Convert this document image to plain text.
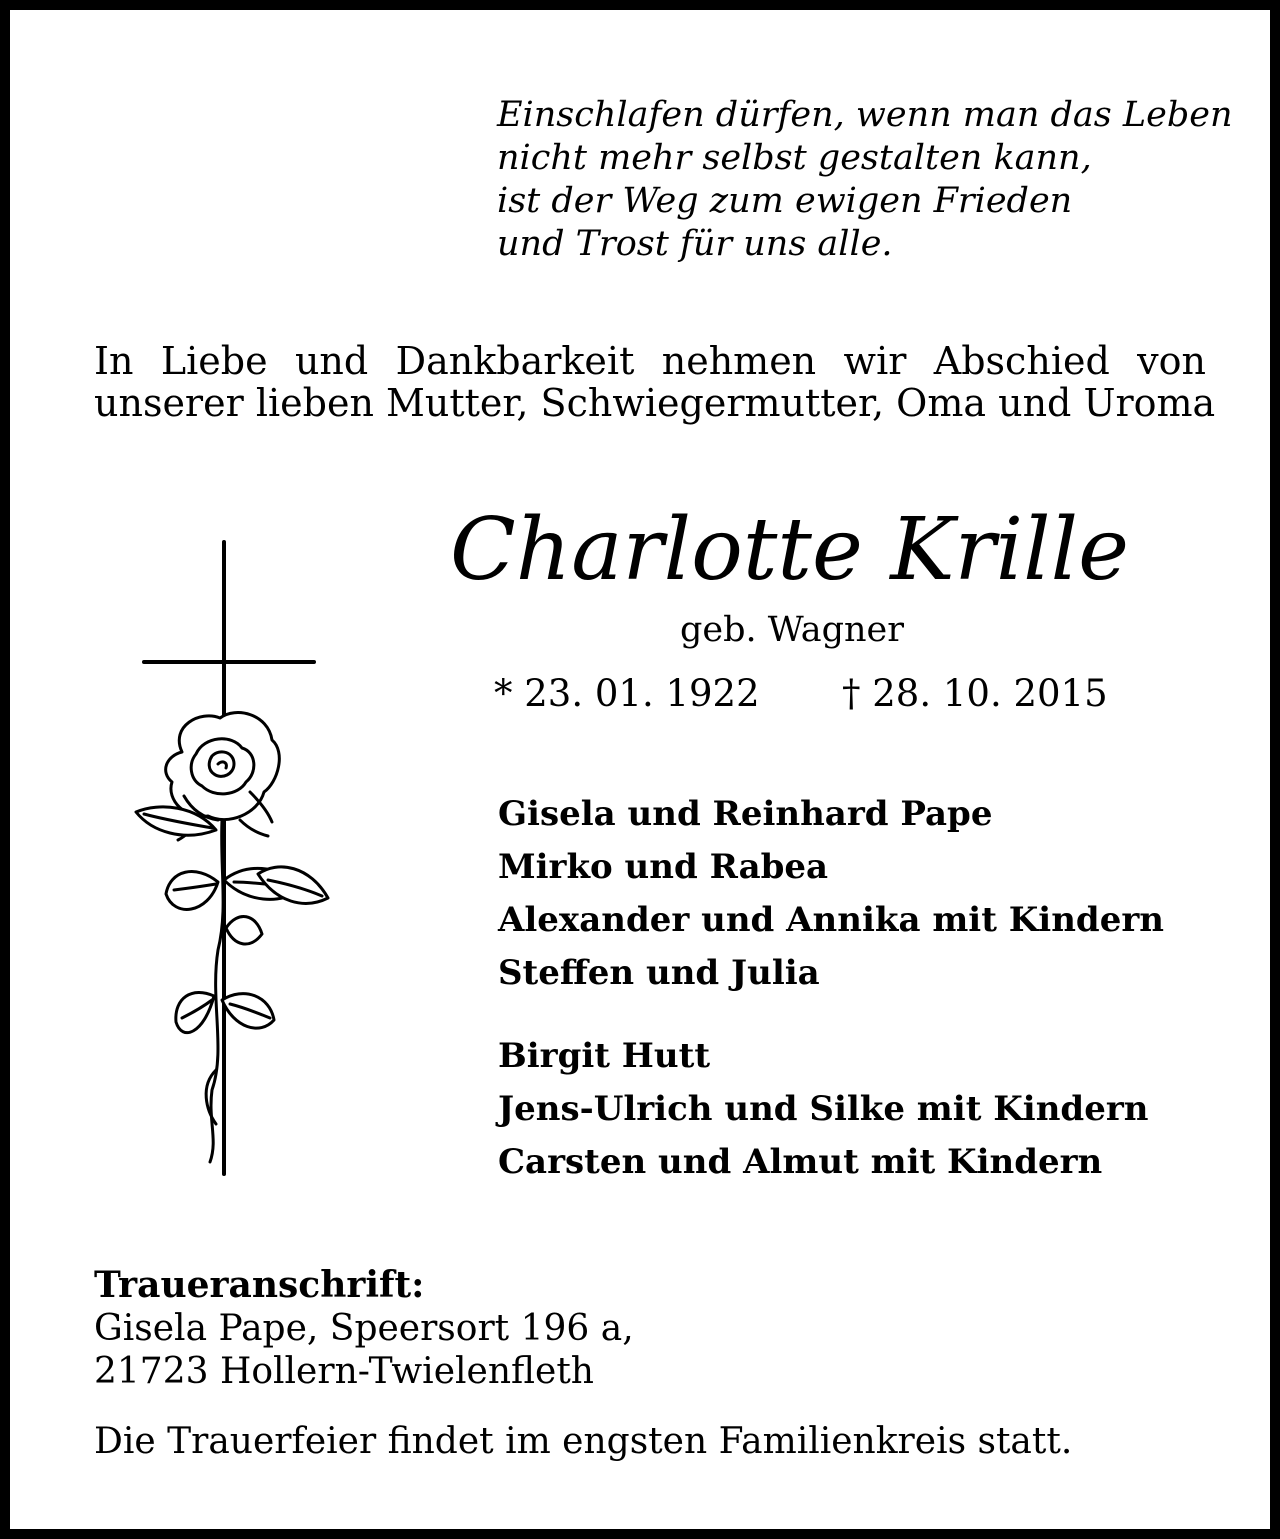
Einschlafen dürfen, wenn man das Leben
nicht mehr selbst gestalten kann,
ist der Weg zum ewigen Frieden
und Trost für uns alle.
In Liebe und Dankbarkeit nehmen wir Abschied von
unserer lieben Mutter, Schwiegermutter, Oma und Uroma
Charlotte Krille
geb. Wagner
* 23. 01. 1922 † 28. 10. 2015
Gisela und Reinhard Pape
Mirko und Rabea
Alexander und Annika mit Kindern
Steffen und Julia
Birgit Hutt
Jens-Ulrich und Silke mit Kindern
Carsten und Almut mit Kindern
Traueranschrift:
Gisela Pape, Speersort 196 a,
21723 Hollern-Twielenfleth
Die Trauerfeier findet im engsten Familienkreis statt.
